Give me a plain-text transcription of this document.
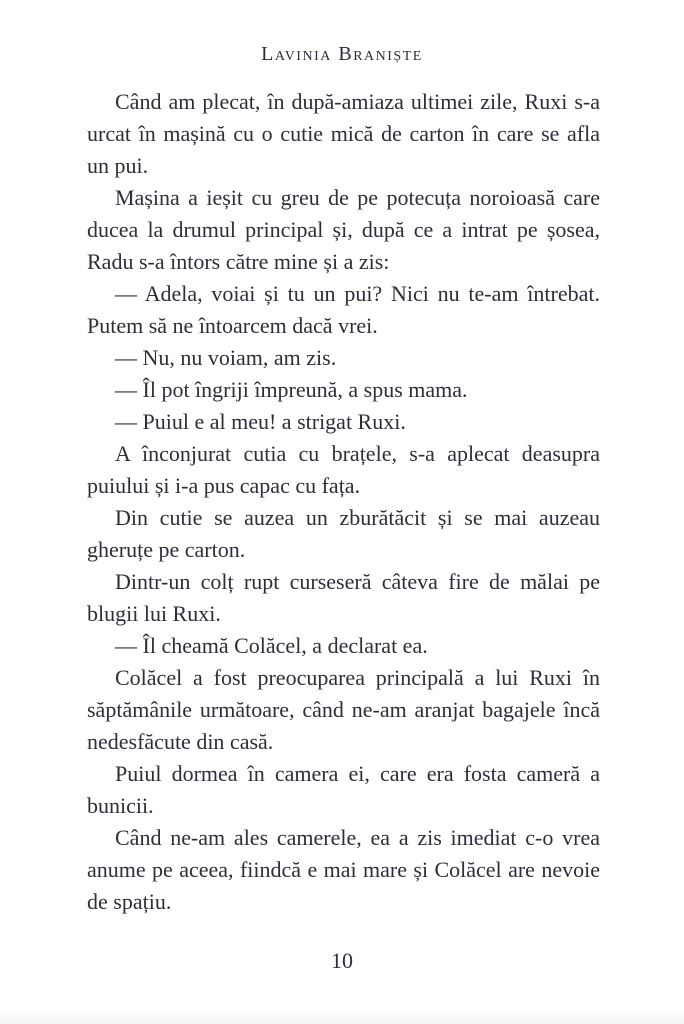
Lavinia Braniște

Când am plecat, în după-amiaza ultimei zile, Ruxi s-a urcat în mașină cu o cutie mică de carton în care se afla un pui.

Mașina a ieșit cu greu de pe potecuța noroioasă care ducea la drumul principal și, după ce a intrat pe șosea, Radu s-a întors către mine și a zis:

— Adela, voiai și tu un pui? Nici nu te-am întrebat. Putem să ne întoarcem dacă vrei.

— Nu, nu voiam, am zis.

— Îl pot îngriji împreună, a spus mama.

— Puiul e al meu! a strigat Ruxi.

A înconjurat cutia cu brațele, s-a aplecat deasupra puiului și i-a pus capac cu fața.

Din cutie se auzea un zburătăcit și se mai auzeau gheruțe pe carton.

Dintr-un colț rupt curseseră câteva fire de mălai pe blugii lui Ruxi.

— Îl cheamă Colăcel, a declarat ea.

Colăcel a fost preocuparea principală a lui Ruxi în săptămânile următoare, când ne-am aranjat bagajele încă nedesfăcute din casă.

Puiul dormea în camera ei, care era fosta cameră a bunicii.

Când ne-am ales camerele, ea a zis imediat c-o vrea anume pe aceea, fiindcă e mai mare și Colăcel are nevoie de spațiu.

10
